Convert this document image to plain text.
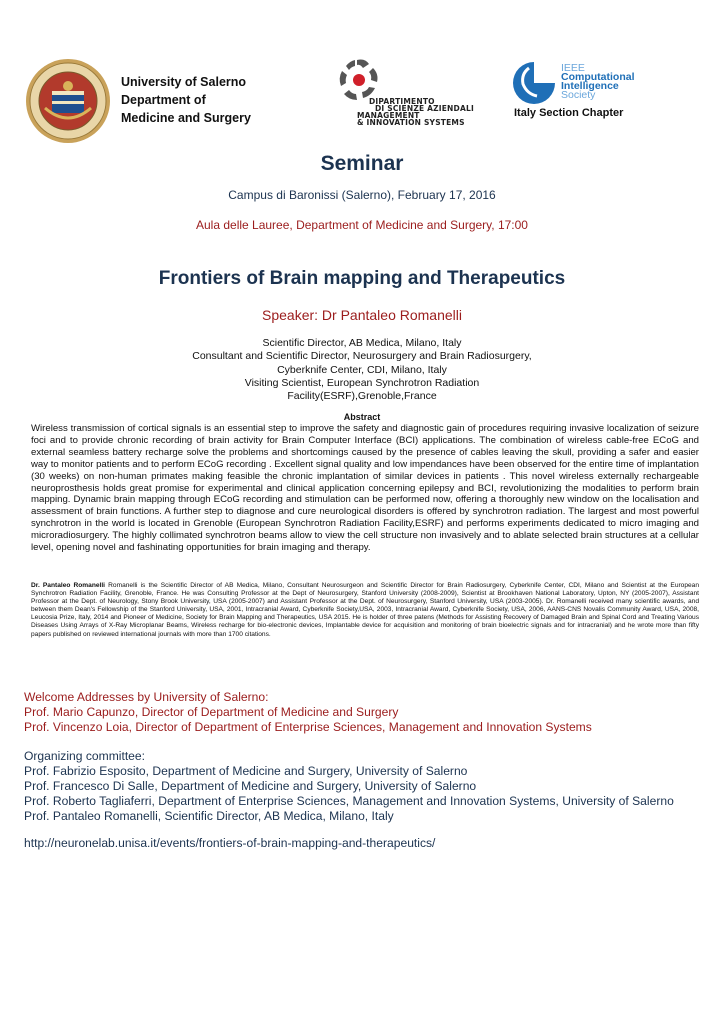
University of Salerno
Department of
Medicine and Surgery
DIPARTIMENTO
DI SCIENZE AZIENDALI
MANAGEMENT
& INNOVATION SYSTEMS
IEEE
Computational
Intelligence
Society
Italy Section Chapter
Seminar
Campus di Baronissi (Salerno), February 17, 2016
Aula delle Lauree, Department of Medicine and Surgery, 17:00
Frontiers of Brain mapping and Therapeutics
Speaker: Dr Pantaleo Romanelli
Scientific Director, AB Medica, Milano, Italy
Consultant and Scientific Director, Neurosurgery and Brain Radiosurgery,
Cyberknife Center, CDI, Milano, Italy
Visiting Scientist, European Synchrotron Radiation
Facility(ESRF),Grenoble,France
Abstract

Wireless transmission of cortical signals is an essential step to improve the safety and diagnostic gain of procedures requiring invasive localization of seizure foci and to provide chronic recording of brain activity for Brain Computer Interface (BCI) applications. The combination of wireless cable-free ECoG and external seamless battery recharge solve the problems and shortcomings caused by the presence of cables leaving the skull, providing a safer and easier way to monitor patients and to perform ECoG recording . Excellent signal quality and low impendances have been observed for the entire time of implantation (30 weeks) on non-human primates making feasible the chronic implantation of similar devices in patients . This novel wireless externally rechargeable neuroprosthesis holds great promise for experimental and clinical application concerning epilepsy and BCI, revolutionizing the modalities to perform brain mapping. Dynamic brain mapping through ECoG recording and stimulation can be performed now, offering a thoroughly new window on the localisation and assessment of brain functions. A further step to diagnose and cure neurological disorders is offered by synchrotron radiation. The largest and most powerful synchrotron in the world is located in Grenoble (European Synchrotron Radiation Facility,ESRF) and performs experiments dedicated to micro imaging and microradiosurgery. The highly collimated synchrotron beams allow to view the cell structure non invasively and to ablate selected brain structures at a cellular level, opening novel and fashinating opportunities for brain imaging and therapy.

Dr. Pantaleo Romanelli Romanelli is the Scientific Director of AB Medica, Milano, Consultant Neurosurgeon and Scientific Director for Brain Radiosurgery, Cyberknife Center, CDI, Milano and Scientist at the European Synchrotron Radiation Facility, Grenoble, France. He was Consulting Professor at the Dept of Neurosurgery, Stanford University (2008-2009), Scientist at Brookhaven National Laboratory, Upton, NY (2005-2007), Assistant Professor at the Dept. of Neurology, Stony Brook University, USA (2005-2007) and Assistant Professor at the Dept. of Neurosurgery, Stanford University, USA (2003-2005). Dr. Romanelli received many scientific awards, and between them Dean's Fellowship of the Stanford University, USA, 2001, Intracranial Award, Cyberknife Society,USA, 2003, Intracranial Award, Cyberknife Society, USA, 2006, AANS-CNS Novalis Community Award, USA, 2008, Leucosia Prize, Italy, 2014 and Pioneer of Medicine, Society for Brain Mapping and Therapeutics, USA 2015. He is holder of three patens (Methods for Assisting Recovery of Damaged Brain and Spinal Cord and Treating Various Diseases Using Arrays of X-Ray Microplanar Beams, Wireless recharge for bio-electronic devices, Implantable device for acquisition and monitoring of brain bioelectric signals and for intracranial) and he wrote more than fifty papers published on reviewed international journals with more than 1700 citations.

Welcome Addresses by University of Salerno:
Prof. Mario Capunzo, Director of Department of Medicine and Surgery
Prof. Vincenzo Loia, Director of Department of Enterprise Sciences, Management and Innovation Systems
Organizing committee:
Prof. Fabrizio Esposito, Department of Medicine and Surgery, University of Salerno
Prof. Francesco Di Salle, Department of Medicine and Surgery, University of Salerno
Prof. Roberto Tagliaferri, Department of Enterprise Sciences, Management and Innovation Systems, University of Salerno
Prof. Pantaleo Romanelli, Scientific Director, AB Medica, Milano, Italy
http://neuronelab.unisa.it/events/frontiers-of-brain-mapping-and-therapeutics/
